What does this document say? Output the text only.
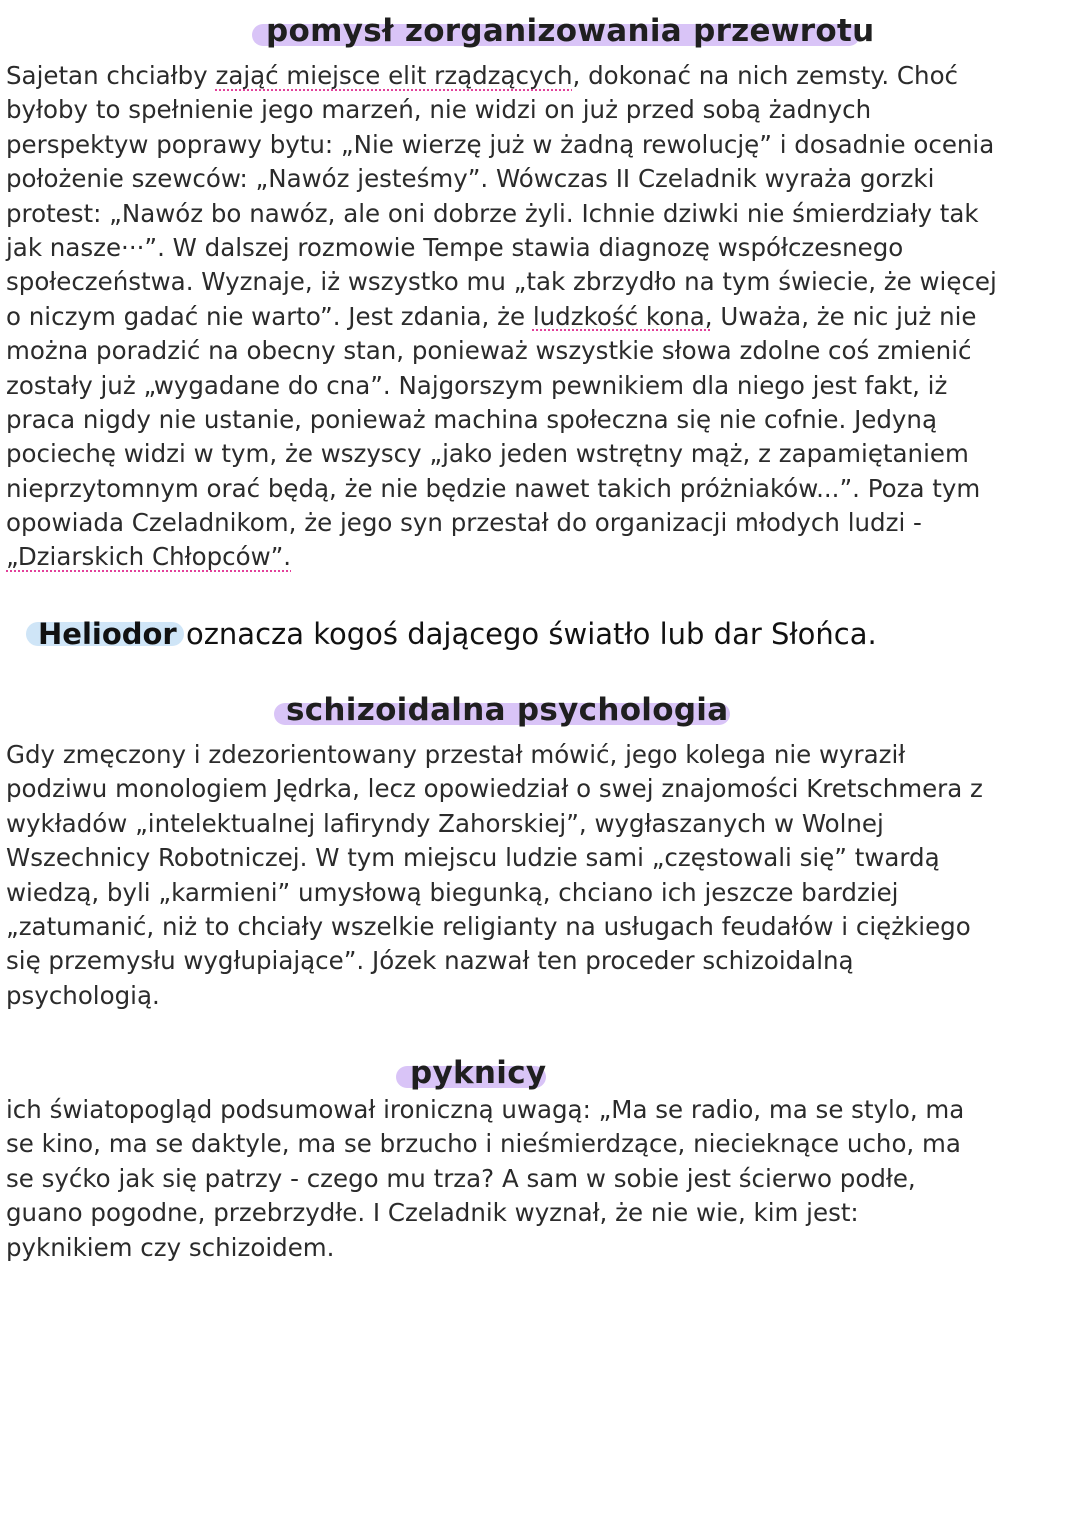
pomysł zorganizowania przewrotu
Sajetan chciałby zająć miejsce elit rządzących, dokonać na nich zemsty. Choć
byłoby to spełnienie jego marzeń, nie widzi on już przed sobą żadnych
perspektyw poprawy bytu: „Nie wierzę już w żadną rewolucję” i dosadnie ocenia
położenie szewców: „Nawóz jesteśmy”. Wówczas II Czeladnik wyraża gorzki
protest: „Nawóz bo nawóz, ale oni dobrze żyli. Ichnie dziwki nie śmierdziały tak
jak nasze···”. W dalszej rozmowie Tempe stawia diagnozę współczesnego
społeczeństwa. Wyznaje, iż wszystko mu „tak zbrzydło na tym świecie, że więcej
o niczym gadać nie warto”. Jest zdania, że ludzkość kona, Uważa, że nic już nie
można poradzić na obecny stan, ponieważ wszystkie słowa zdolne coś zmienić
zostały już „wygadane do cna”. Najgorszym pewnikiem dla niego jest fakt, iż
praca nigdy nie ustanie, ponieważ machina społeczna się nie cofnie. Jedyną
pociechę widzi w tym, że wszyscy „jako jeden wstrętny mąż, z zapamiętaniem
nieprzytomnym orać będą, że nie będzie nawet takich próżniaków...”. Poza tym
opowiada Czeladnikom, że jego syn przestał do organizacji młodych ludzi -
„Dziarskich Chłopców”.
Heliodor oznacza kogoś dającego światło lub dar Słońca.
schizoidalna psychologia
Gdy zmęczony i zdezorientowany przestał mówić, jego kolega nie wyraził
podziwu monologiem Jędrka, lecz opowiedział o swej znajomości Kretschmera z
wykładów „intelektualnej lafiryndy Zahorskiej”, wygłaszanych w Wolnej
Wszechnicy Robotniczej. W tym miejscu ludzie sami „częstowali się” twardą
wiedzą, byli „karmieni” umysłową biegunką, chciano ich jeszcze bardziej
„zatumanić, niż to chciały wszelkie religianty na usługach feudałów i ciężkiego
się przemysłu wygłupiające”. Józek nazwał ten proceder schizoidalną
psychologią.
pyknicy
ich światopogląd podsumował ironiczną uwagą: „Ma se radio, ma se stylo, ma
se kino, ma se daktyle, ma se brzucho i nieśmierdzące, niecieknące ucho, ma
se syćko jak się patrzy - czego mu trza? A sam w sobie jest ścierwo podłe,
guano pogodne, przebrzydłe. I Czeladnik wyznał, że nie wie, kim jest:
pyknikiem czy schizoidem.
